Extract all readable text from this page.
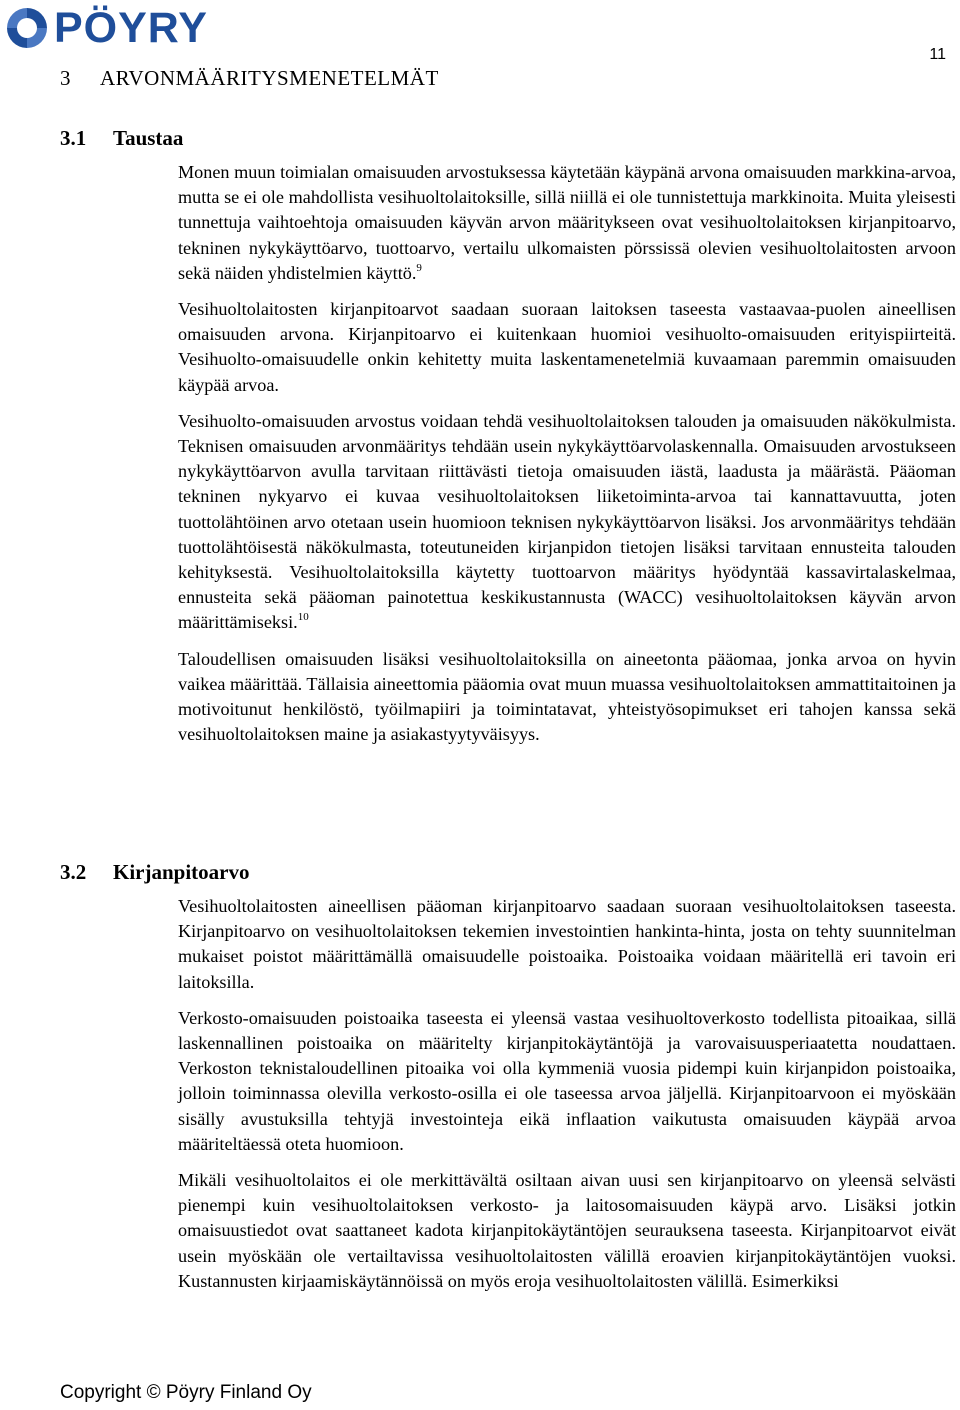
PÖYRY
11
3 ARVONMÄÄRITYSMENETELMÄT
3.1 Taustaa

Monen muun toimialan omaisuuden arvostuksessa käytetään käypänä arvona omaisuuden markkina-arvoa, mutta se ei ole mahdollista vesihuoltolaitoksille, sillä niillä ei ole tunnistettuja markkinoita. Muita yleisesti tunnettuja vaihtoehtoja omaisuuden käyvän arvon määritykseen ovat vesihuoltolaitoksen kirjanpitoarvo, tekninen nykykäyttöarvo, tuottoarvo, vertailu ulkomaisten pörssissä olevien vesihuoltolaitosten arvoon sekä näiden yhdistelmien käyttö.$^9$

Vesihuoltolaitosten kirjanpitoarvot saadaan suoraan laitoksen taseesta vastaavaa-puolen aineellisen omaisuuden arvona. Kirjanpitoarvo ei kuitenkaan huomioi vesihuolto-omaisuuden erityispiirteitä. Vesihuolto-omaisuudelle onkin kehitetty muita laskentamenetelmiä kuvaamaan paremmin omaisuuden käypää arvoa.

Vesihuolto-omaisuuden arvostus voidaan tehdä vesihuoltolaitoksen talouden ja omaisuuden näkökulmista. Teknisen omaisuuden arvonmääritys tehdään usein nykykäyttöarvolaskennalla. Omaisuuden arvostukseen nykykäyttöarvon avulla tarvitaan riittävästi tietoja omaisuuden iästä, laadusta ja määrästä. Pääoman tekninen nykyarvo ei kuvaa vesihuoltolaitoksen liiketoiminta-arvoa tai kannattavuutta, joten tuottolähtöinen arvo otetaan usein huomioon teknisen nykykäyttöarvon lisäksi. Jos arvonmääritys tehdään tuottolähtöisestä näkökulmasta, toteutuneiden kirjanpidon tietojen lisäksi tarvitaan ennusteita talouden kehityksestä. Vesihuoltolaitoksilla käytetty tuottoarvon määritys hyödyntää kassavirtalaskelmaa, ennusteita sekä pääoman painotettua keskikustannusta (WACC) vesihuoltolaitoksen käyvän arvon määrittämiseksi.$^{10}$

Taloudellisen omaisuuden lisäksi vesihuoltolaitoksilla on aineetonta pääomaa, jonka arvoa on hyvin vaikea määrittää. Tällaisia aineettomia pääomia ovat muun muassa vesihuoltolaitoksen ammattitaitoinen ja motivoitunut henkilöstö, työilmapiiri ja toimintatavat, yhteistyösopimukset eri tahojen kanssa sekä vesihuoltolaitoksen maine ja asiakastyytyväisyys.

3.2 Kirjanpitoarvo

Vesihuoltolaitosten aineellisen pääoman kirjanpitoarvo saadaan suoraan vesihuoltolaitoksen taseesta. Kirjanpitoarvo on vesihuoltolaitoksen tekemien investointien hankinta-hinta, josta on tehty suunnitelman mukaiset poistot määrittämällä omaisuudelle poistoaika. Poistoaika voidaan määritellä eri tavoin eri laitoksilla.

Verkosto-omaisuuden poistoaika taseesta ei yleensä vastaa vesihuoltoverkosto todellista pitoaikaa, sillä laskennallinen poistoaika on määritelty kirjanpitokäytäntöjä ja varovaisuusperiaatetta noudattaen. Verkoston teknistaloudellinen pitoaika voi olla kymmeniä vuosia pidempi kuin kirjanpidon poistoaika, jolloin toiminnassa olevilla verkosto-osilla ei ole taseessa arvoa jäljellä. Kirjanpitoarvoon ei myöskään sisälly avustuksilla tehtyjä investointeja eikä inflaation vaikutusta omaisuuden käypää arvoa määriteltäessä oteta huomioon.

Mikäli vesihuoltolaitos ei ole merkittävältä osiltaan aivan uusi sen kirjanpitoarvo on yleensä selvästi pienempi kuin vesihuoltolaitoksen verkosto- ja laitosomaisuuden käypä arvo. Lisäksi jotkin omaisuustiedot ovat saattaneet kadota kirjanpitokäytäntöjen seurauksena taseesta. Kirjanpitoarvot eivät usein myöskään ole vertailtavissa vesihuoltolaitosten välillä eroavien kirjanpitokäytäntöjen vuoksi. Kustannusten kirjaamiskäytännöissä on myös eroja vesihuoltolaitosten välillä. Esimerkiksi

Copyright © Pöyry Finland Oy
